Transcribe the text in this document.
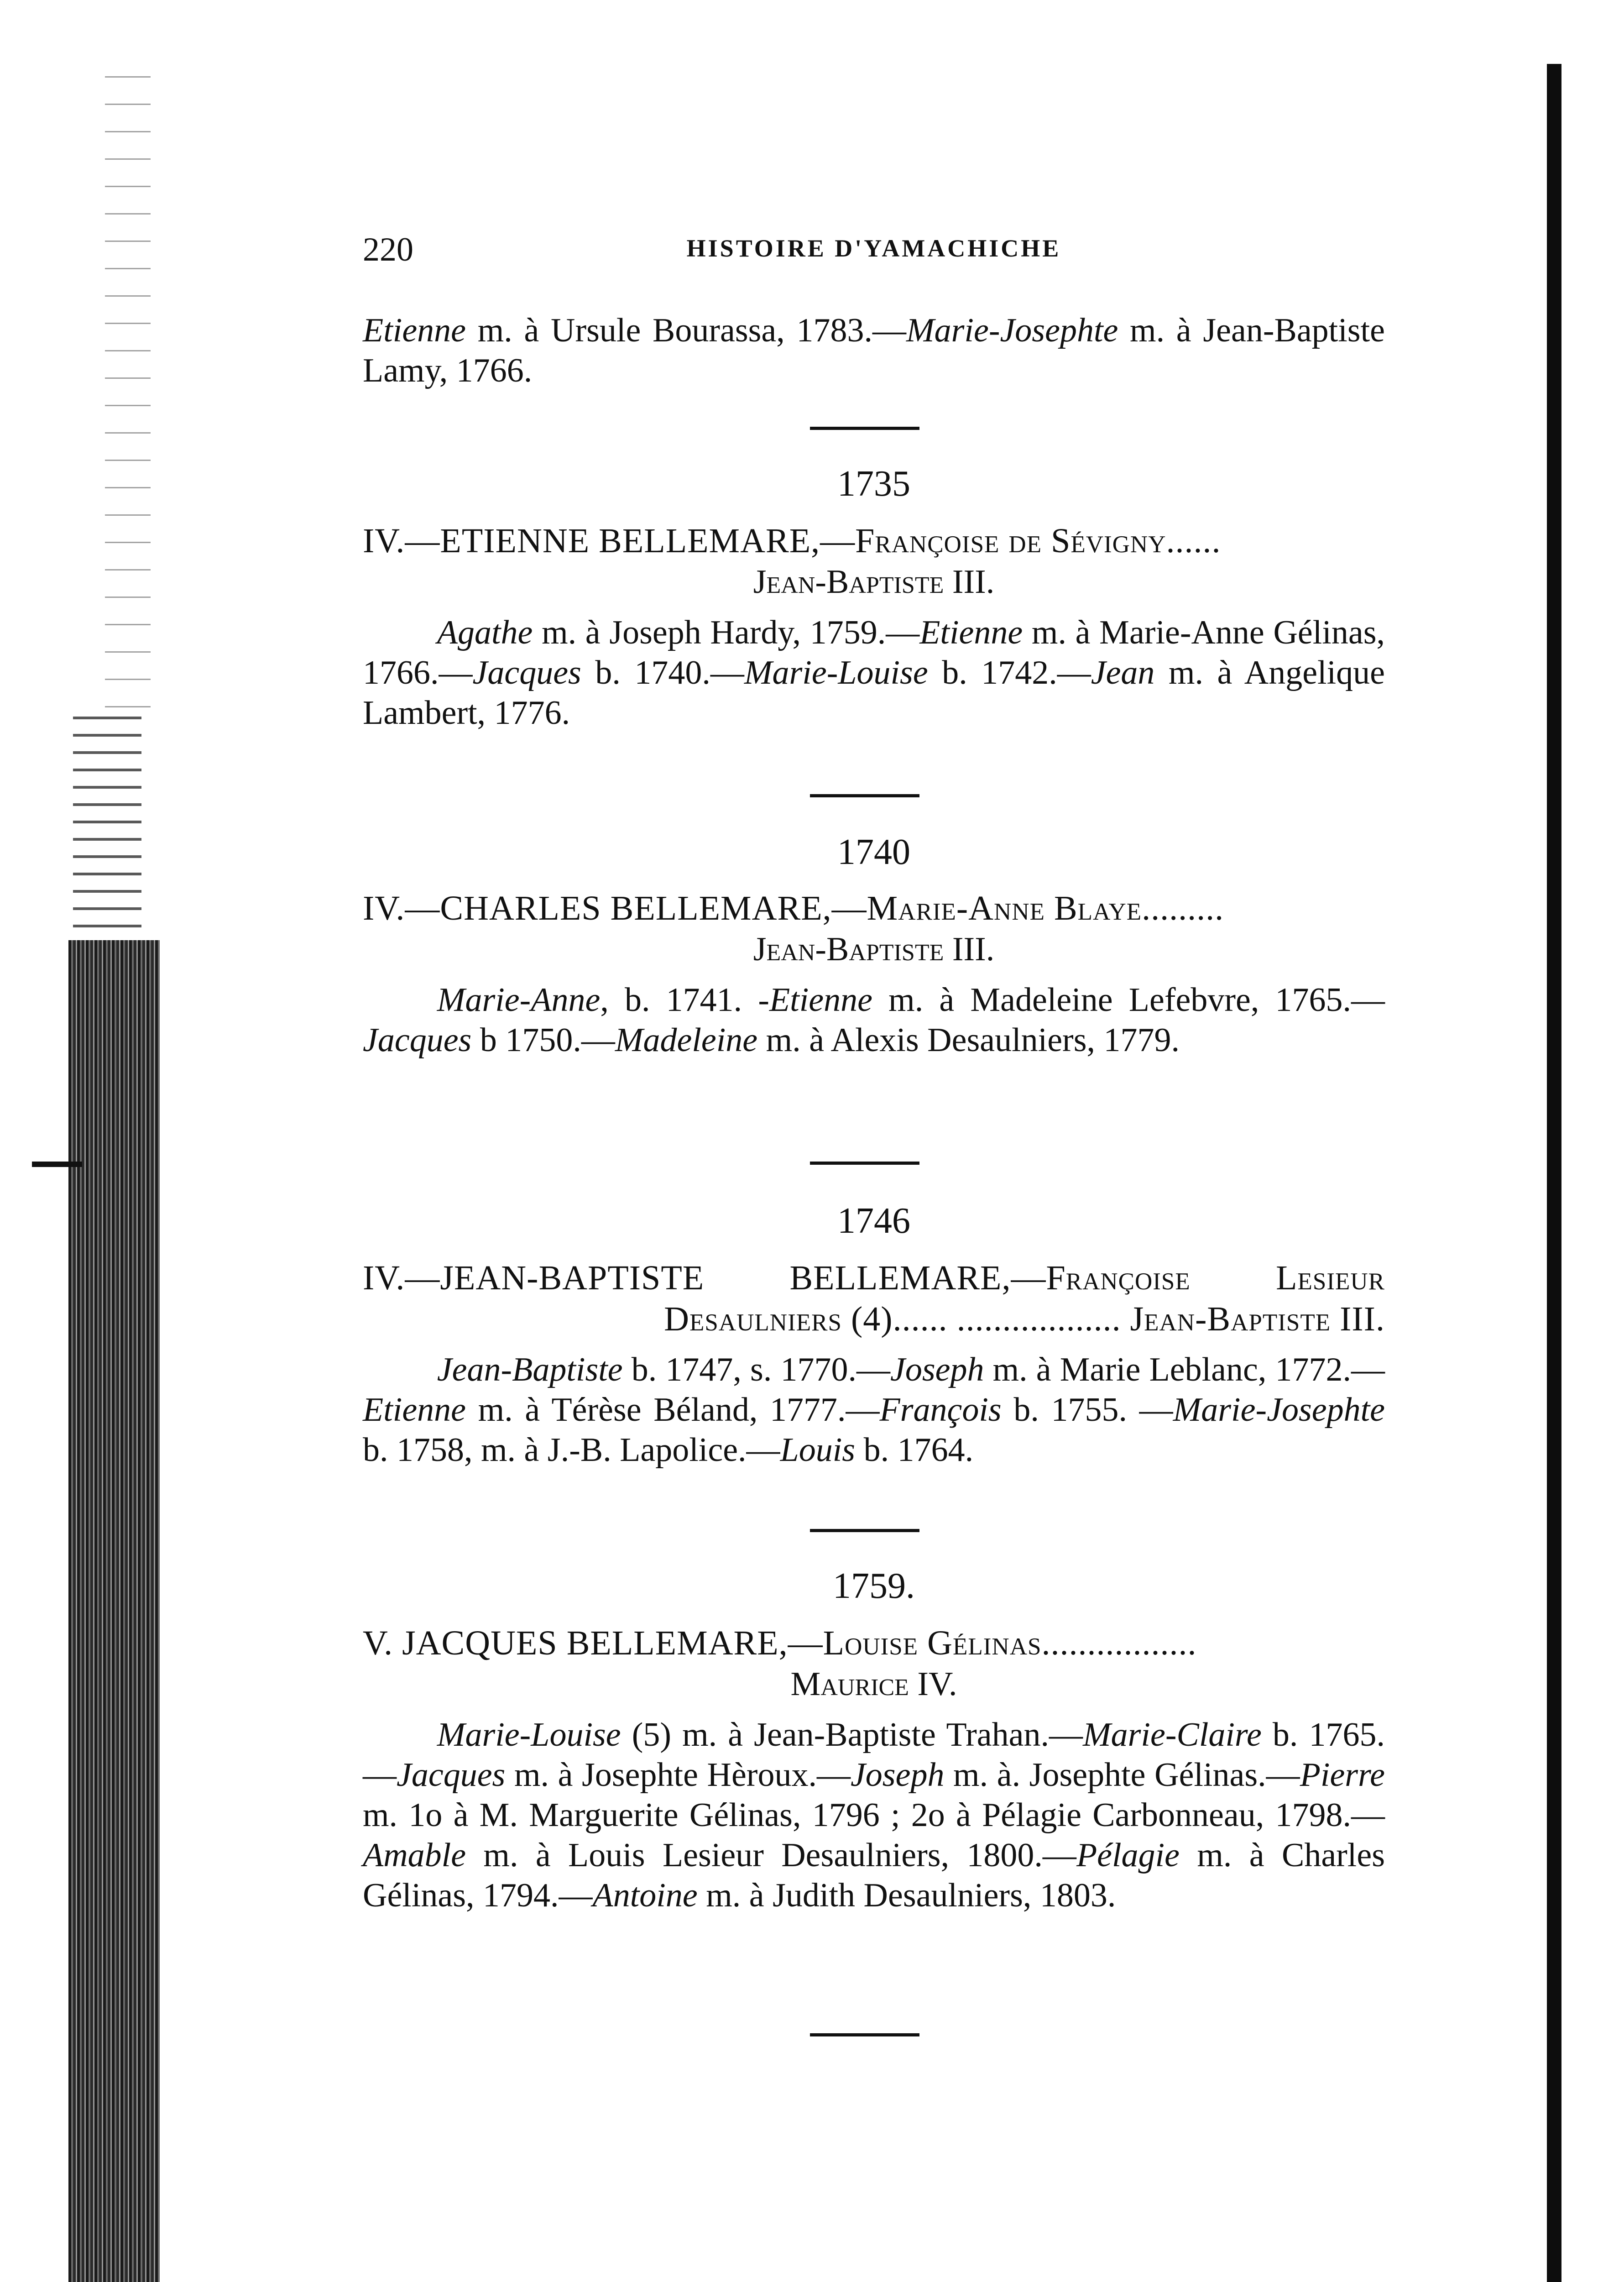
220	HISTOIRE D'YAMACHICHE

Etienne m. à Ursule Bourassa, 1783.—Marie-Josephte m. à Jean-Baptiste Lamy, 1766.

1735

IV.—ETIENNE BELLEMARE,—Françoise de Sévigny......

Jean-Baptiste III.

Agathe m. à Joseph Hardy, 1759.—Etienne m. à Marie-Anne Gélinas, 1766.—Jacques b. 1740.—Marie-Louise b. 1742.—Jean m. à Angelique Lambert, 1776.

1740

IV.—CHARLES BELLEMARE,—Marie-Anne Blaye.........

Jean-Baptiste III.

Marie-Anne, b. 1741. -Etienne m. à Madeleine Lefebvre, 1765.—Jacques b 1750.—Madeleine m. à Alexis Desaulniers, 1779.

1746

IV.—JEAN-BAPTISTE BELLEMARE,—Françoise Lesieur Desaulniers (4)...... .................. Jean-Baptiste III.

Jean-Baptiste b. 1747, s. 1770.—Joseph m. à Marie Leblanc, 1772.—Etienne m. à Térèse Béland, 1777.—François b. 1755. —Marie-Josephte b. 1758, m. à J.-B. Lapolice.—Louis b. 1764.

1759.

V. JACQUES BELLEMARE,—Louise Gélinas.................

Maurice IV.

Marie-Louise (5) m. à Jean-Baptiste Trahan.—Marie-Claire b. 1765.—Jacques m. à Josephte Hèroux.—Joseph m. à. Josephte Gélinas.—Pierre m. 1o à M. Marguerite Gélinas, 1796 ; 2o à Pélagie Carbonneau, 1798.—Amable m. à Louis Lesieur Desaulniers, 1800.—Pélagie m. à Charles Gélinas, 1794.—Antoine m. à Judith Desaulniers, 1803.
